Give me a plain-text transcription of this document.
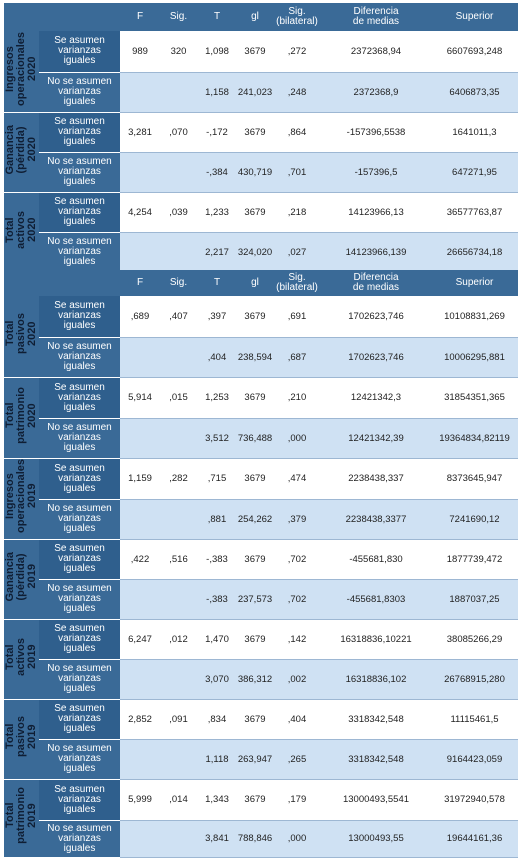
		F	Sig.	T	gl	Sig.
(bilateral)	Diferencia
de medias	Superior
Ingresos
operacionales
2020	Se asumen
varianzas
iguales	989	320	1,098	3679	,272	2372368,94	6607693,248
	No se asumen
varianzas
iguales			1,158	241,023	,248	2372368,9	6406873,35
Ganancia
(pérdida)
2020	Se asumen
varianzas
iguales	3,281	,070	-,172	3679	,864	-157396,5538	1641011,3
	No se asumen
varianzas
iguales			-,384	430,719	,701	-157396,5	647271,95
Total
activos
2020	Se asumen
varianzas
iguales	4,254	,039	1,233	3679	,218	14123966,13	36577763,87
	No se asumen
varianzas
iguales			2,217	324,020	,027	14123966,139	26656734,18
		F	Sig.	T	gl	Sig.
(bilateral)	Diferencia
de medias	Superior
Total
pasivos
2020	Se asumen
varianzas
iguales	,689	,407	,397	3679	,691	1702623,746	10108831,269
	No se asumen
varianzas
iguales			,404	238,594	,687	1702623,746	10006295,881
Total
patrimonio
2020	Se asumen
varianzas
iguales	5,914	,015	1,253	3679	,210	12421342,3	31854351,365
	No se asumen
varianzas
iguales			3,512	736,488	,000	12421342,39	19364834,82119
Ingresos
operacionales
2019	Se asumen
varianzas
iguales	1,159	,282	,715	3679	,474	2238438,337	8373645,947
	No se asumen
varianzas
iguales			,881	254,262	,379	2238438,3377	7241690,12
Ganancia
(pérdida)
2019	Se asumen
varianzas
iguales	,422	,516	-,383	3679	,702	-455681,830	1877739,472
	No se asumen
varianzas
iguales			-,383	237,573	,702	-455681,8303	1887037,25
Total
activos
2019	Se asumen
varianzas
iguales	6,247	,012	1,470	3679	,142	16318836,10221	38085266,29
	No se asumen
varianzas
iguales			3,070	386,312	,002	16318836,102	26768915,280
Total
pasivos
2019	Se asumen
varianzas
iguales	2,852	,091	,834	3679	,404	3318342,548	11115461,5
	No se asumen
varianzas
iguales			1,118	263,947	,265	3318342,548	9164423,059
Total
patrimonio
2019	Se asumen
varianzas
iguales	5,999	,014	1,343	3679	,179	13000493,5541	31972940,578
	No se asumen
varianzas
iguales			3,841	788,846	,000	13000493,55	19644161,36
